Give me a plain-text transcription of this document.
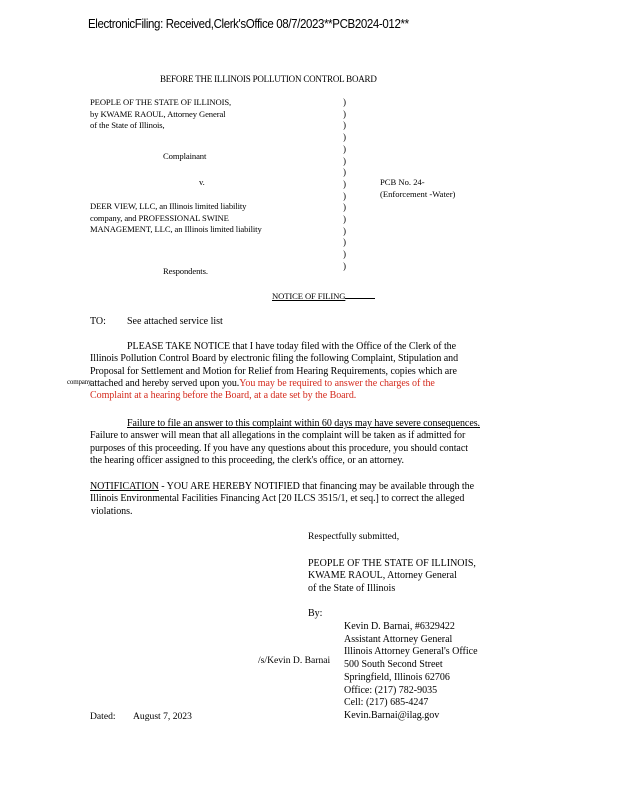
ElectronicFiling: Received,Clerk'sOffice 08/7/2023**PCB2024-012**
BEFORE THE ILLINOIS POLLUTION CONTROL BOARD
PEOPLE OF THE STATE OF ILLINOIS,
by KWAME RAOUL, Attorney General
of the State of Illinois,
Complainant
v.
DEER VIEW, LLC, an Illinois limited liability
company, and PROFESSIONAL SWINE
MANAGEMENT, LLC, an Illinois limited liability
Respondents.
)
)
)
)
)
)
)
)
)
)
)
)
)
)
)
PCB No. 24-
(Enforcement -Water)
NOTICE OF FILING
TO: See attached service list
PLEASE TAKE NOTICE that I have today filed with the Office of the Clerk of the
Illinois Pollution Control Board by electronic filing the following Complaint, Stipulation and
Proposal for Settlement and Motion for Relief from Hearing Requirements, copies which are
attached and hereby served upon you.You may be required to answer the charges of the
Complaint at a hearing before the Board, at a date set by the Board.
company
Failure to file an answer to this complaint within 60 days may have severe consequences.
Failure to answer will mean that all allegations in the complaint will be taken as if admitted for
purposes of this proceeding. If you have any questions about this procedure, you should contact
the hearing officer assigned to this proceeding, the clerk's office, or an attorney.
NOTIFICATION - YOU ARE HEREBY NOTIFIED that financing may be available through the
Illinois Environmental Facilities Financing Act [20 ILCS 3515/1, et seq.] to correct the alleged
violations.
Respectfully submitted,
PEOPLE OF THE STATE OF ILLINOIS,
KWAME RAOUL, Attorney General
of the State of Illinois
By:
Kevin D. Barnai, #6329422
Assistant Attorney General
Illinois Attorney General's Office
500 South Second Street
Springfield, Illinois 62706
Office: (217) 782-9035
Cell: (217) 685-4247
Kevin.Barnai@ilag.gov
/s/Kevin D. Barnai
Dated: August 7, 2023
